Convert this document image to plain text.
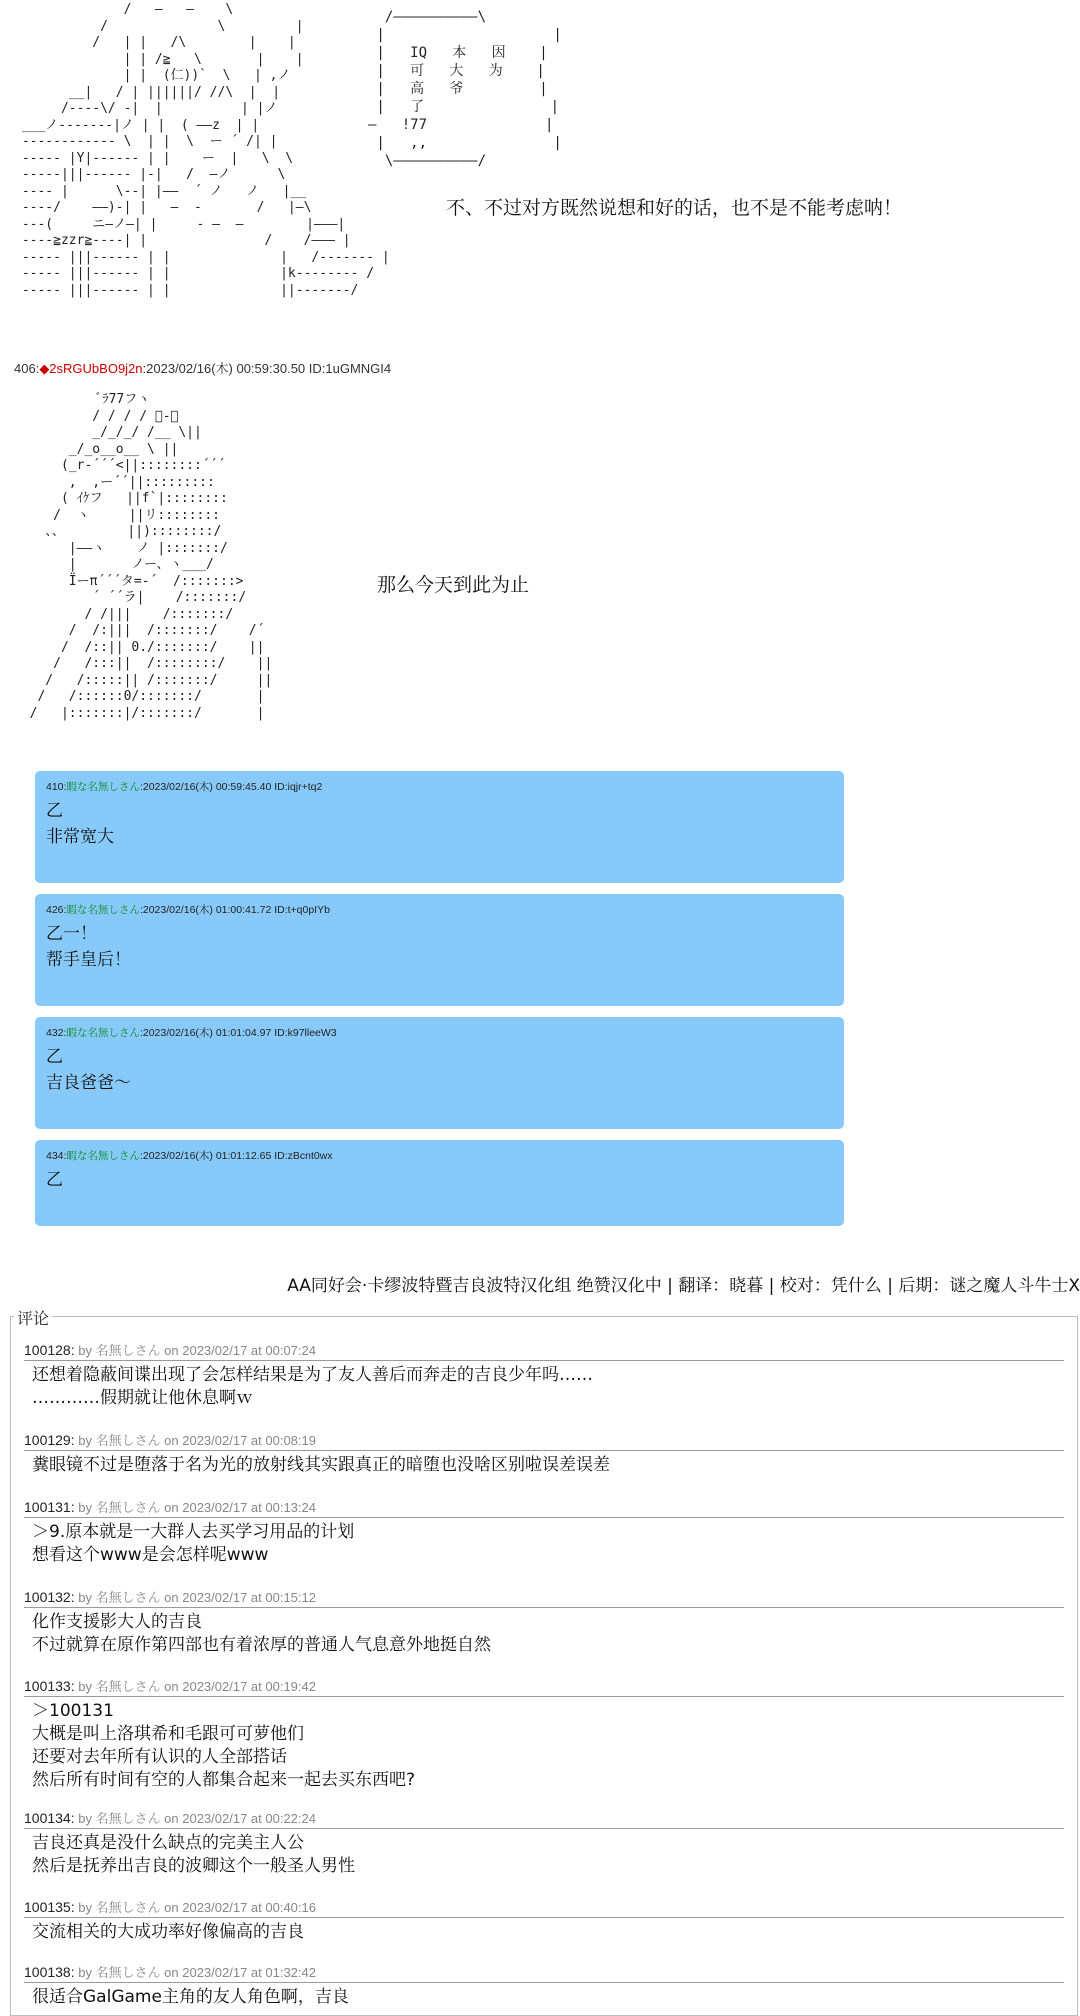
/   —   —    \
/              \         |
/   | |   /\        |    |
| | /≧   \       |    |
| |  (仁))`  \   | ,ノ
__|   / | ||||||/ //\  |  |
/----\/ -|  |          | |ノ
___ノ-------|ノ | |  ( ——z  | |
------------ \  | |  \  ー ´ /| |
----- |Y|------ | |    ー  |   \  \
-----|||------ |-|   /  —ノ      \
---- |      \--| |——  ´ ノ   ノ   |__
----/    ——)-| |   —  -       /   |—\
---(     ニ—ノ—| |     - —  —        |———|
----≧zzr≧----| |               /    /——— |
----- |||------ | |              |   /------- |
----- |||------ | |              |k-------- /
----- |||------ | |              ||-------/
/——————————\
|                    |
|   IQ   本   因    |
|   可   大   为    |
|   高   爷         |
|   了               |
—   !77              |
|   ,,               |
\——————————/
不、不过对方既然说想和好的话，也不是不能考虑呐！
406:◆2sRGUbBO9j2n:2023/02/16(木) 00:59:30.50 ID:1uGMNGI4
ﾞﾗ77フヽ
/ / / / ﾞ-、
_/_/_/ /__ \||
_/_o__o__ \ ||
(_r-´´´<||::::::::´´´
,  ,ー´´||:::::::::
( ｲｹフ   ||f`|::::::::
/  ヽ     ||リ::::::::
、、        ||)::::::::/
|——ヽ    ノ |:::::::/
|       ノー、ヽ___/
Ïーπ´´´タ=-´  /:::::::>
´ ´´ラ|    /:::::::/
/ /|||    /:::::::/
/  /:|||  /:::::::/    /´
/  /::|| 0./:::::::/    ||
/   /:::||  /::::::::/    ||
/   /:::::|| /:::::::/     ||
/   /::::::0/:::::::/       |
/   |:::::::|/:::::::/       |
那么今天到此为止
410:暇な名無しさん:2023/02/16(木) 00:59:45.40 ID:iqjr+tq2
乙
非常宽大
426:暇な名無しさん:2023/02/16(木) 01:00:41.72 ID:t+q0pIYb
乙一！
帮手皇后！
432:暇な名無しさん:2023/02/16(木) 01:01:04.97 ID:k97lleeW3
乙
吉良爸爸～
434:暇な名無しさん:2023/02/16(木) 01:01:12.65 ID:zBcnt0wx
乙
AA同好会·卡缪波特暨吉良波特汉化组 绝赞汉化中 | 翻译：晓暮 | 校对：凭什么 | 后期：谜之魔人斗牛士X
评论
100128: by 名無しさん on 2023/02/17 at 00:07:24
还想着隐蔽间谍出现了会怎样结果是为了友人善后而奔走的吉良少年吗……
…………假期就让他休息啊ｗ
100129: by 名無しさん on 2023/02/17 at 00:08:19
糞眼镜不过是堕落于名为光的放射线其实跟真正的暗堕也没啥区别啦误差误差
100131: by 名無しさん on 2023/02/17 at 00:13:24
＞9.原本就是一大群人去买学习用品的计划
想看这个www是会怎样呢www
100132: by 名無しさん on 2023/02/17 at 00:15:12
化作支援影大人的吉良
不过就算在原作第四部也有着浓厚的普通人气息意外地挺自然
100133: by 名無しさん on 2023/02/17 at 00:19:42
＞100131
大概是叫上洛琪希和毛跟可可萝他们
还要对去年所有认识的人全部搭话
然后所有时间有空的人都集合起来一起去买东西吧?
100134: by 名無しさん on 2023/02/17 at 00:22:24
吉良还真是没什么缺点的完美主人公
然后是抚养出吉良的波卿这个一般圣人男性
100135: by 名無しさん on 2023/02/17 at 00:40:16
交流相关的大成功率好像偏高的吉良
100138: by 名無しさん on 2023/02/17 at 01:32:42
很适合GalGame主角的友人角色啊，吉良
